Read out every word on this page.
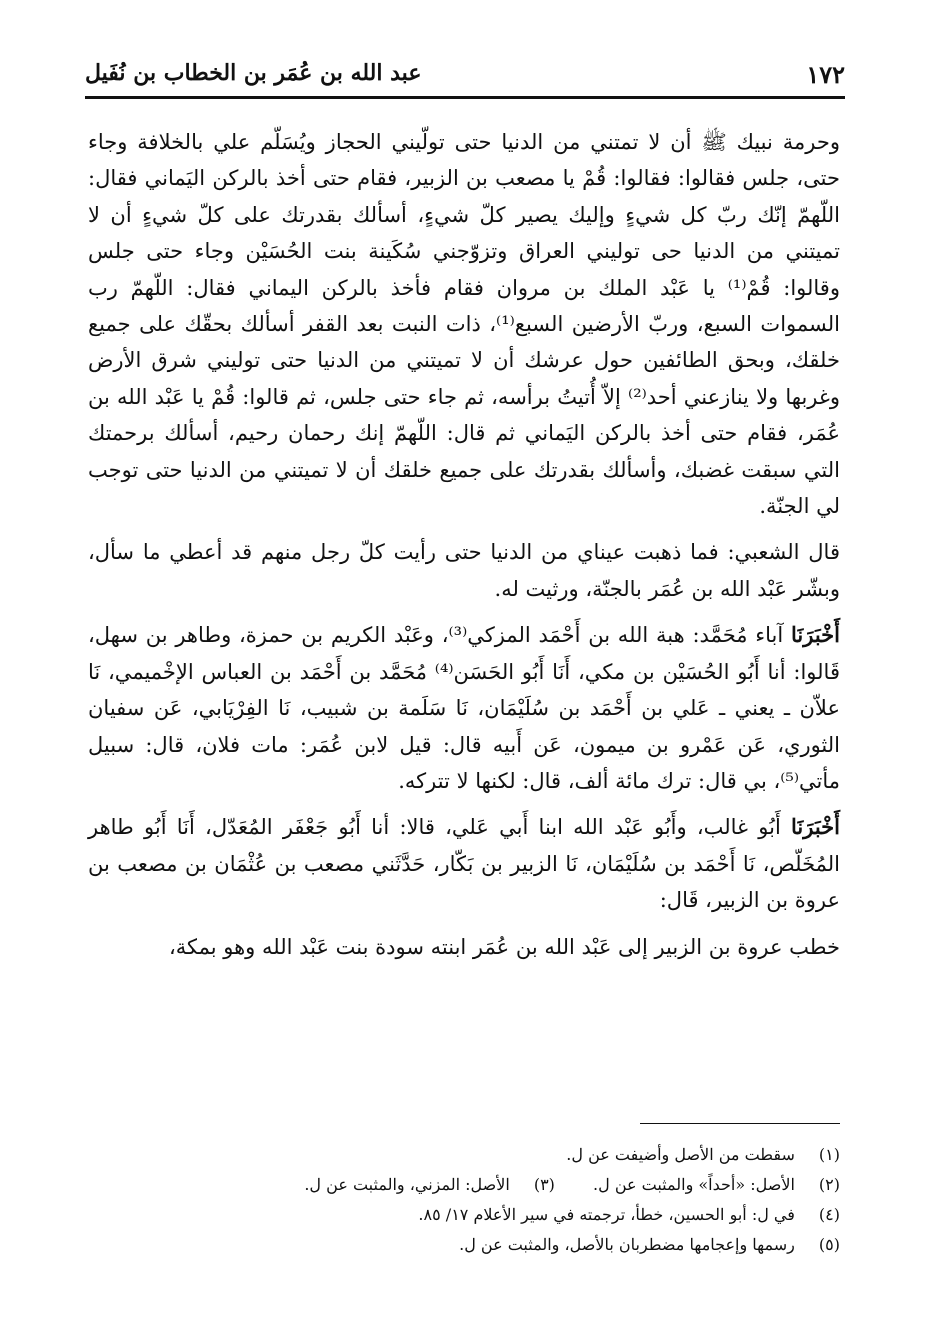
١٧٢
عبد الله بن عُمَر بن الخطاب بن نُفَيل

وحرمة نبيك ﷺ أن لا تمتني من الدنيا حتى تولّيني الحجاز ويُسَلّم علي بالخلافة وجاء حتى، جلس فقالوا: فقالوا: قُمْ يا مصعب بن الزبير، فقام حتى أخذ بالركن اليَماني فقال: اللّهمّ إنّك ربّ كل شيءٍ وإليك يصير كلّ شيءٍ، أسألك بقدرتك على كلّ شيءٍ أن لا تميتني من الدنيا حى توليني العراق وتزوّجني سُكَينة بنت الحُسَيْن وجاء حتى جلس وقالوا: قُمْ⁽¹⁾ يا عَبْد الملك بن مروان فقام فأخذ بالركن اليماني فقال: اللّهمّ رب السموات السبع، وربّ الأرضين السبع⁽¹⁾، ذات النبت بعد القفر أسألك بحقّك على جميع خلقك، وبحق الطائفين حول عرشك أن لا تميتني من الدنيا حتى توليني شرق الأرض وغربها ولا ينازعني أحد⁽²⁾ إلاّ أُتيتُ برأسه، ثم جاء حتى جلس، ثم قالوا: قُمْ يا عَبْد الله بن عُمَر، فقام حتى أخذ بالركن اليَماني ثم قال: اللّهمّ إنك رحمان رحيم، أسألك برحمتك التي سبقت غضبك، وأسألك بقدرتك على جميع خلقك أن لا تميتني من الدنيا حتى توجب لي الجنّة.

قال الشعبي: فما ذهبت عيناي من الدنيا حتى رأيت كلّ رجل منهم قد أعطي ما سأل، وبشّر عَبْد الله بن عُمَر بالجنّة، ورثيت له.

أَخْبَرَنَا آباء مُحَمَّد: هبة الله بن أَحْمَد المزكي⁽³⁾، وعَبْد الكريم بن حمزة، وطاهر بن سهل، قَالوا: أنا أَبُو الحُسَيْن بن مكي، أَنَا أَبُو الحَسَن⁽⁴⁾ مُحَمَّد بن أَحْمَد بن العباس الإخْميمي، نَا علاّن ـ يعني ـ عَلي بن أَحْمَد بن سُلَيْمَان، نَا سَلَمة بن شبيب، نَا الفِرْيَابي، عَن سفيان الثوري، عَن عَمْرو بن ميمون، عَن أَبيه قال: قيل لابن عُمَر: مات فلان، قال: سبيل مأتي⁽⁵⁾، بي قال: ترك مائة ألف، قال: لكنها لا تتركه.

أَخْبَرَنَا أَبُو غالب، وأَبُو عَبْد الله ابنا أَبي عَلي، قالا: أنا أَبُو جَعْفَر المُعَدّل، أَنَا أَبُو طاهر المُخَلّص، نَا أَحْمَد بن سُلَيْمَان، نَا الزبير بن بَكّار، حَدَّثَني مصعب بن عُثْمَان بن مصعب بن عروة بن الزبير، قَال:

خطب عروة بن الزبير إلى عَبْد الله بن عُمَر ابنته سودة بنت عَبْد الله وهو بمكة،

(١) سقطت من الأصل وأضيفت عن ل.
(٢) الأصل: «أحداً» والمثبت عن ل. (٣) الأصل: المزني، والمثبت عن ل.
(٤) في ل: أبو الحسين، خطأ، ترجمته في سير الأعلام ١٧/ ٨٥.
(٥) رسمها وإعجامها مضطربان بالأصل، والمثبت عن ل.
